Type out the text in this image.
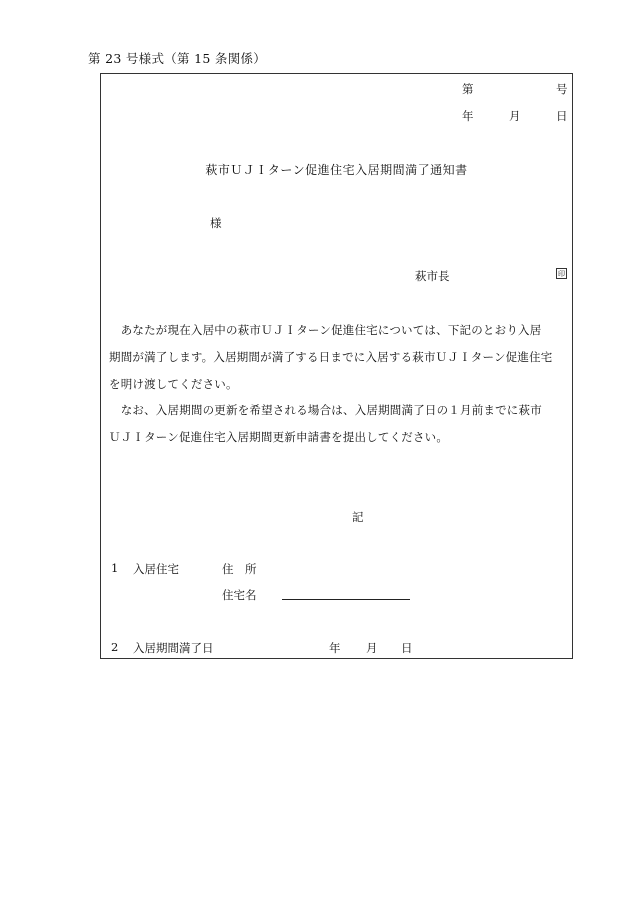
第 23 号様式（第 15 条関係）
第	号
年	月	日
萩市ＵＪＩターン促進住宅入居期間満了通知書
様
萩市長	印
　あなたが現在入居中の萩市ＵＪＩターン促進住宅については、下記のとおり入居
期間が満了します。入居期間が満了する日までに入居する萩市ＵＪＩターン促進住宅
を明け渡してください。
　なお、入居期間の更新を希望される場合は、入居期間満了日の１月前までに萩市
ＵＪＩターン促進住宅入居期間更新申請書を提出してください。
記
1 入居住宅	住　所
住宅名
2 入居期間満了日	年 月 日
